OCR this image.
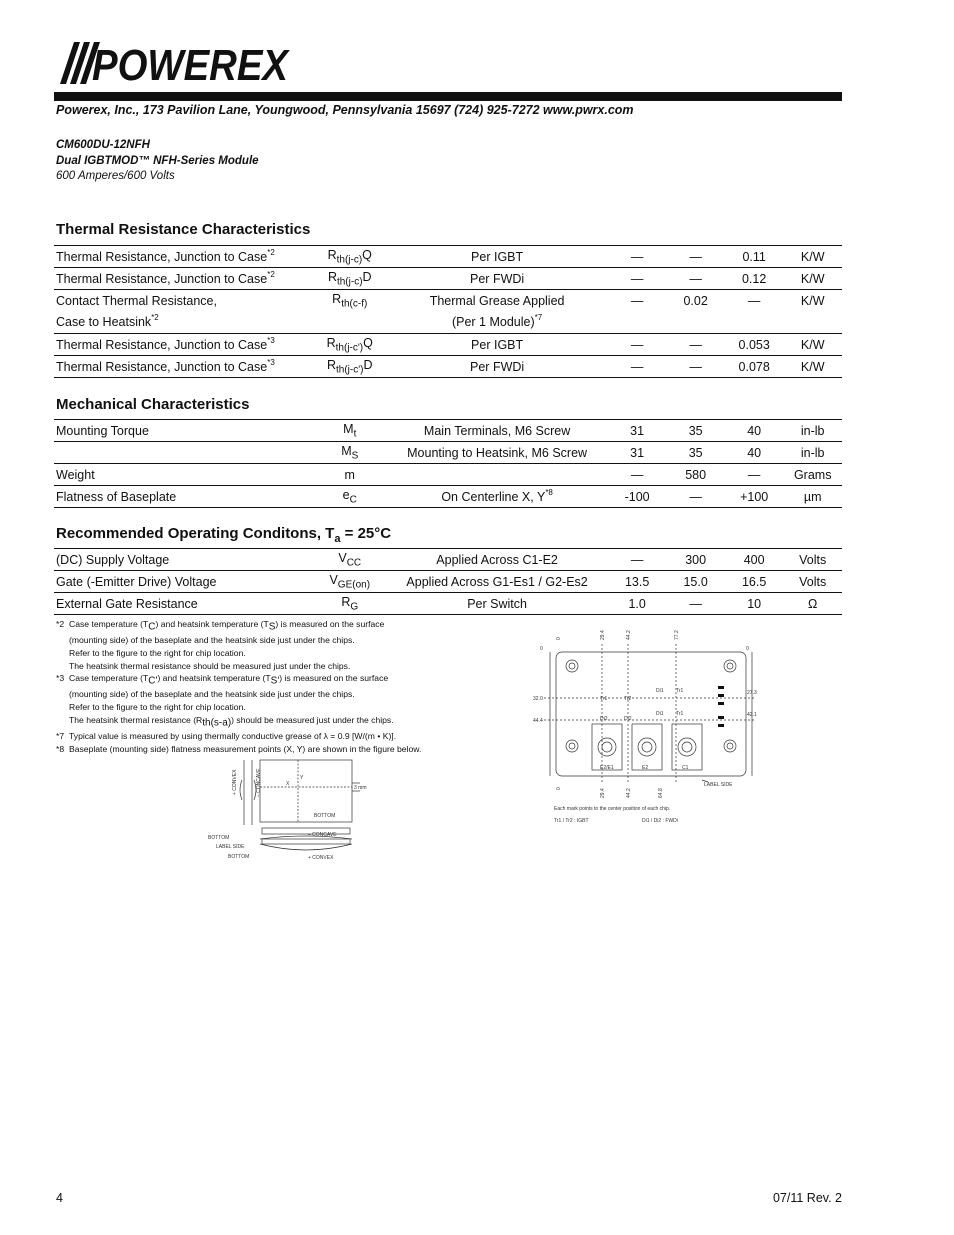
POWEREX
Powerex, Inc., 173 Pavilion Lane, Youngwood, Pennsylvania 15697 (724) 925-7272 www.pwrx.com
CM600DU-12NFH
Dual IGBTMOD™ NFH-Series Module
600 Amperes/600 Volts
Thermal Resistance Characteristics
Thermal Resistance, Junction to Case$^{*2}$	$R_{th(j-c)}Q$	Per IGBT	—	—	0.11	K/W
Thermal Resistance, Junction to Case$^{*2}$	$R_{th(j-c)}D$	Per FWDi	—	—	0.12	K/W
Contact Thermal Resistance,	$R_{th(c-f)}$	Thermal Grease Applied	—	0.02	—	K/W
Case to Heatsink$^{*2}$		(Per 1 Module)$^{*7}$				
Thermal Resistance, Junction to Case$^{*3}$	$R_{th(j-c')}Q$	Per IGBT	—	—	0.053	K/W
Thermal Resistance, Junction to Case$^{*3}$	$R_{th(j-c')}D$	Per FWDi	—	—	0.078	K/W
Mechanical Characteristics
Mounting Torque	$M_t$	Main Terminals, M6 Screw	31	35	40	in-lb
	$M_S$	Mounting to Heatsink, M6 Screw	31	35	40	in-lb
Weight	m		—	580	—	Grams
Flatness of Baseplate	$e_C$	On Centerline X, $Y^{*8}$	-100	—	+100	µm
Recommended Operating Conditons, $T_a = 25^\circ C$
(DC) Supply Voltage	$V_{CC}$	Applied Across C1-E2	—	300	400	Volts
Gate (-Emitter Drive) Voltage	$V_{GE(on)}$	Applied Across G1-Es1 / G2-Es2	13.5	15.0	16.5	Volts
External Gate Resistance	$R_G$	Per Switch	1.0	—	10	Ω
*2 Case temperature (TC) and heatsink temperature (TS) is measured on the surface
(mounting side) of the baseplate and the heatsink side just under the chips.
Refer to the figure to the right for chip location.
The heatsink thermal resistance should be measured just under the chips.
*3 Case temperature (TC') and heatsink temperature (TS') is measured on the surface
(mounting side) of the baseplate and the heatsink side just under the chips.
Refer to the figure to the right for chip location.
The heatsink thermal resistance (Rth(s-a)) should be measured just under the chips.
*7 Typical value is measured by using thermally conductive grease of λ = 0.9 [W/(m • K)].
*8 Baseplate (mounting side) flatness measurement points (X, Y) are shown in the figure below.
+ CONVEX	– CONCAVE	Y
X
3 mm
BOTTOM
– CONCAVE
BOTTOM
LABEL SIDE
BOTTOM	+ CONVEX
0	29.4	44.2	77.2
0
32.0
44.4
0
27.3
42.1
0	29.4	44.2	64.8
Tr1	Tr2
Di1 Tr1
Di2	Di2
Di1 Tr1
E2/E1	E2	C1
LABEL SIDE
Each mark points to the center position of each chip.
Tr1 / Tr2 : IGBT	Di1 / Di2 : FWDi
4	07/11 Rev. 2
